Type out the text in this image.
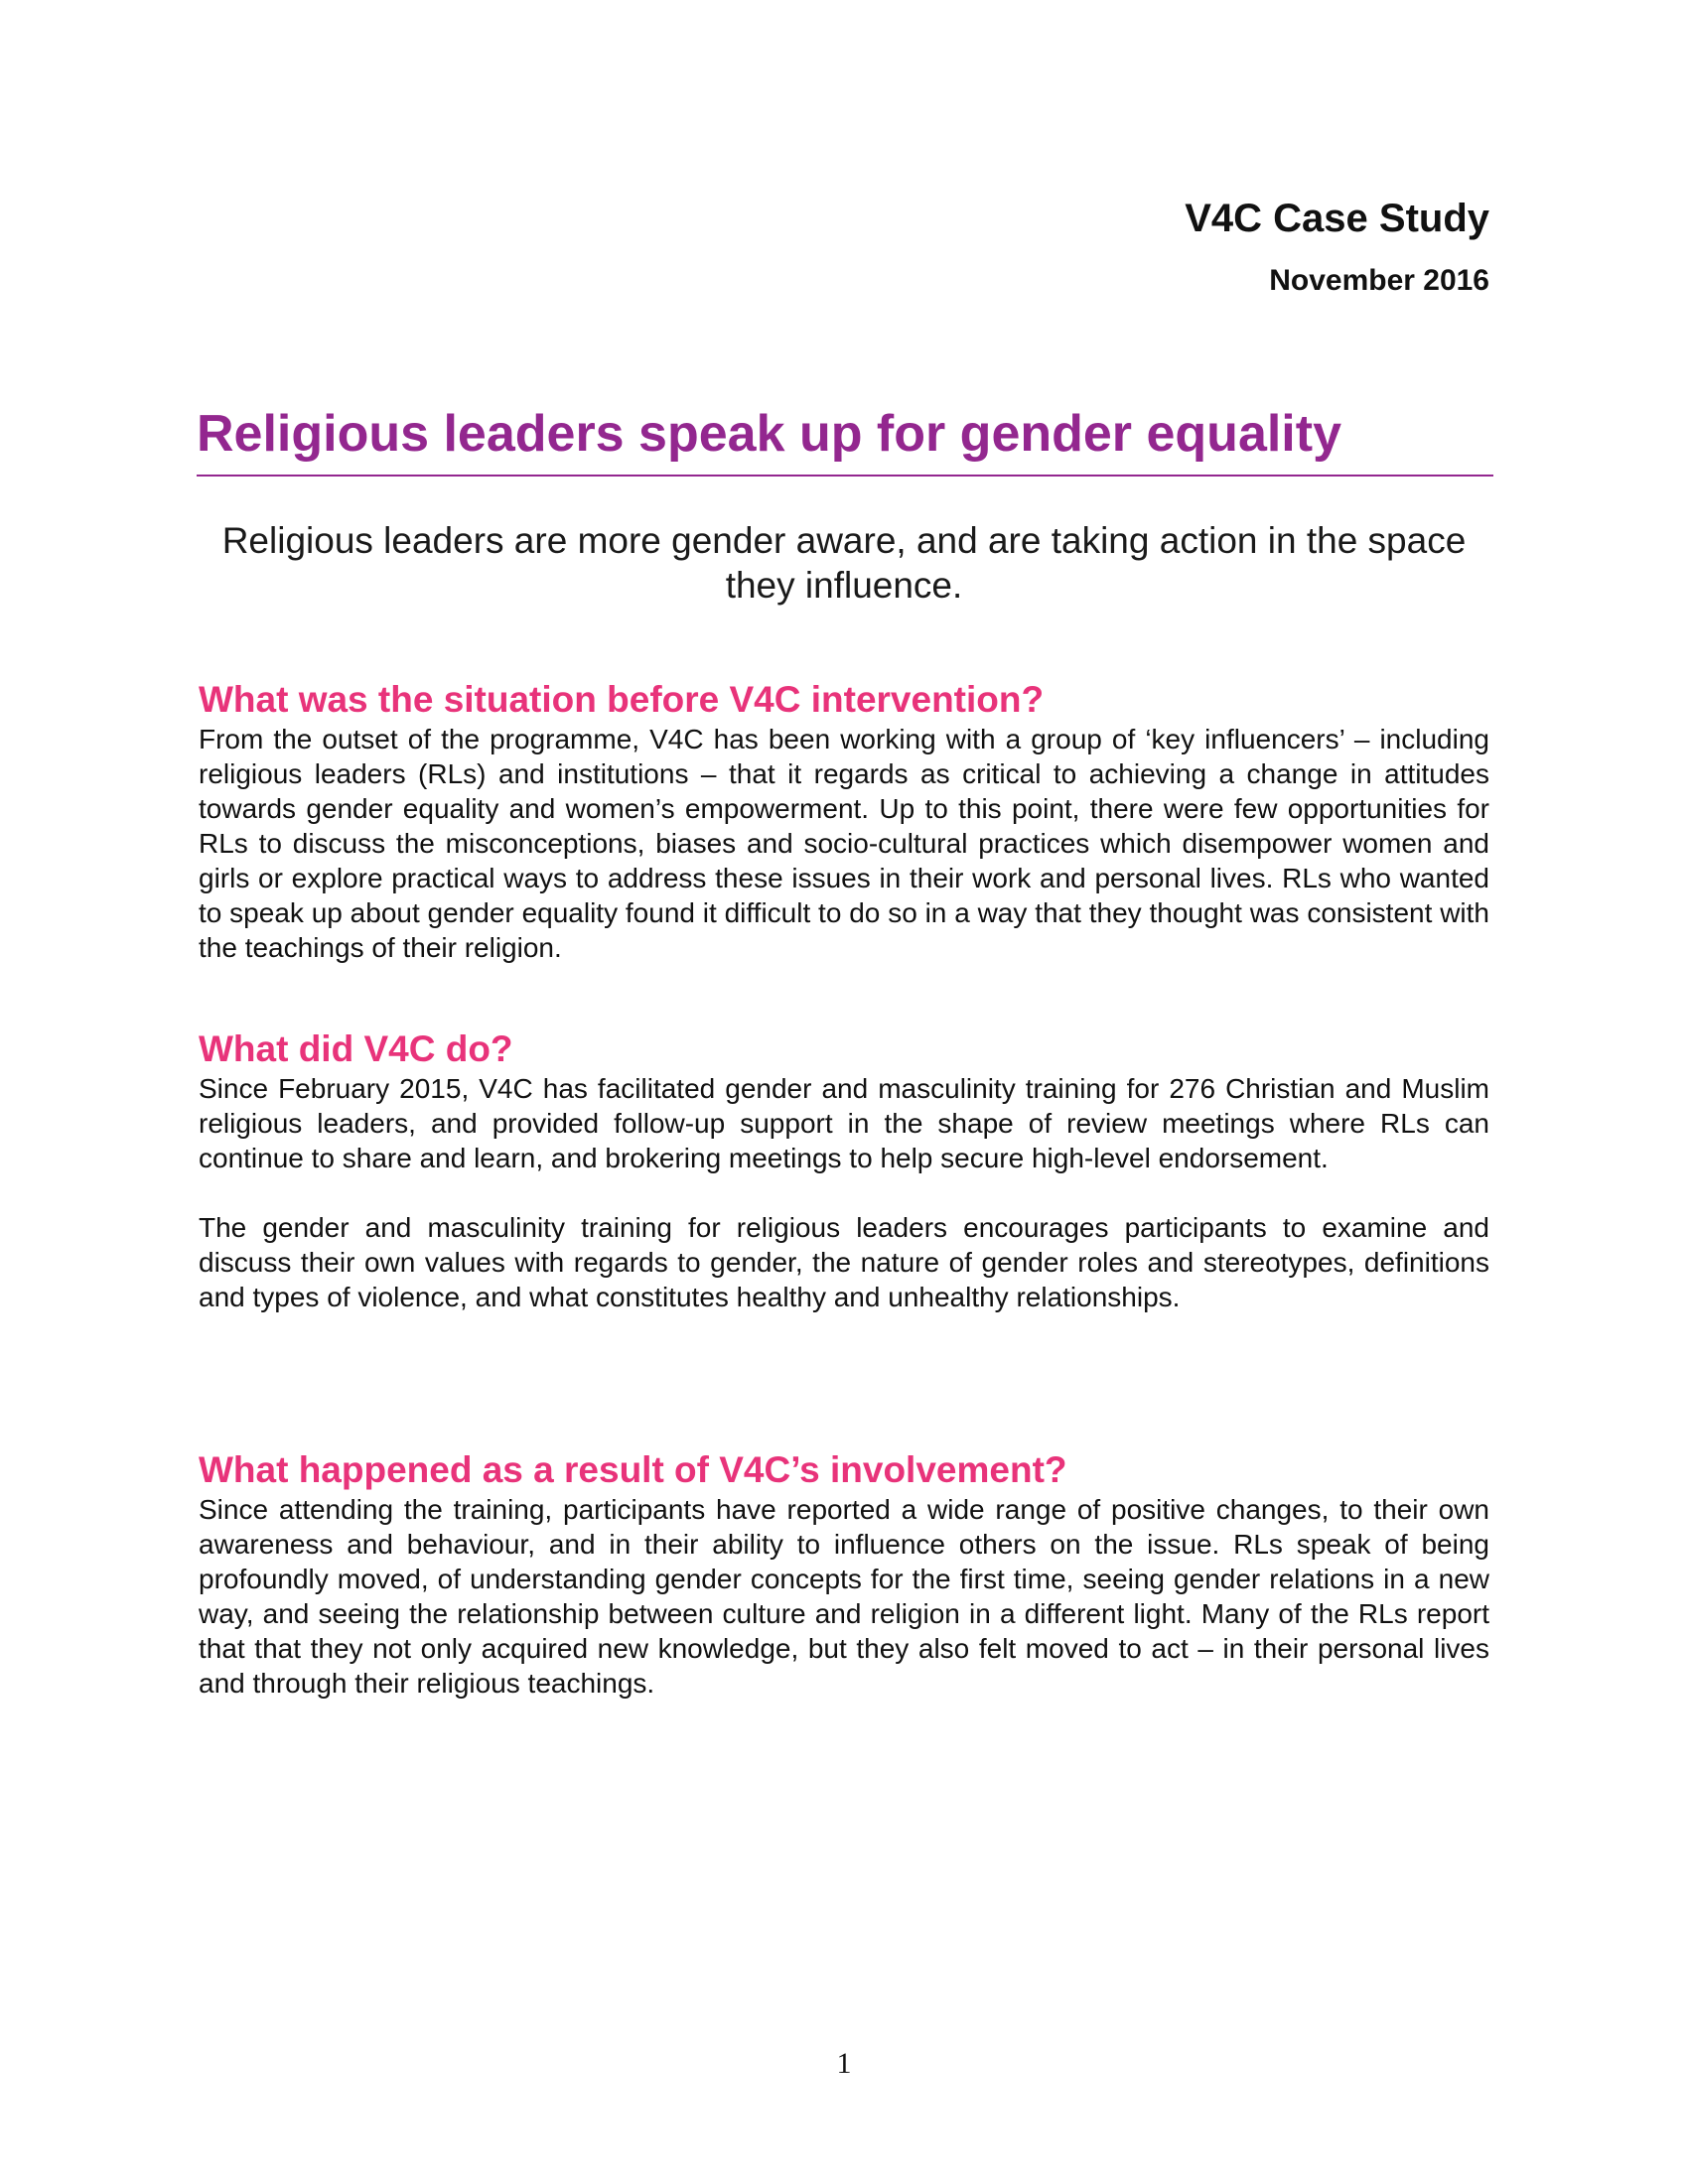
V4C Case Study

November 2016

Religious leaders speak up for gender equality

Religious leaders are more gender aware, and are taking action in the space they influence.

What was the situation before V4C intervention?

From the outset of the programme, V4C has been working with a group of ‘key influencers’ – including religious leaders (RLs) and institutions – that it regards as critical to achieving a change in attitudes towards gender equality and women’s empowerment. Up to this point, there were few opportunities for RLs to discuss the misconceptions, biases and socio-cultural practices which disempower women and girls or explore practical ways to address these issues in their work and personal lives. RLs who wanted to speak up about gender equality found it difficult to do so in a way that they thought was consistent with the teachings of their religion.

What did V4C do?

Since February 2015, V4C has facilitated gender and masculinity training for 276 Christian and Muslim religious leaders, and provided follow-up support in the shape of review meetings where RLs can continue to share and learn, and brokering meetings to help secure high-level endorsement.

The gender and masculinity training for religious leaders encourages participants to examine and discuss their own values with regards to gender, the nature of gender roles and stereotypes, definitions and types of violence, and what constitutes healthy and unhealthy relationships.

What happened as a result of V4C’s involvement?

Since attending the training, participants have reported a wide range of positive changes, to their own awareness and behaviour, and in their ability to influence others on the issue. RLs speak of being profoundly moved, of understanding gender concepts for the first time, seeing gender relations in a new way, and seeing the relationship between culture and religion in a different light. Many of the RLs report that that they not only acquired new knowledge, but they also felt moved to act – in their personal lives and through their religious teachings.

1
